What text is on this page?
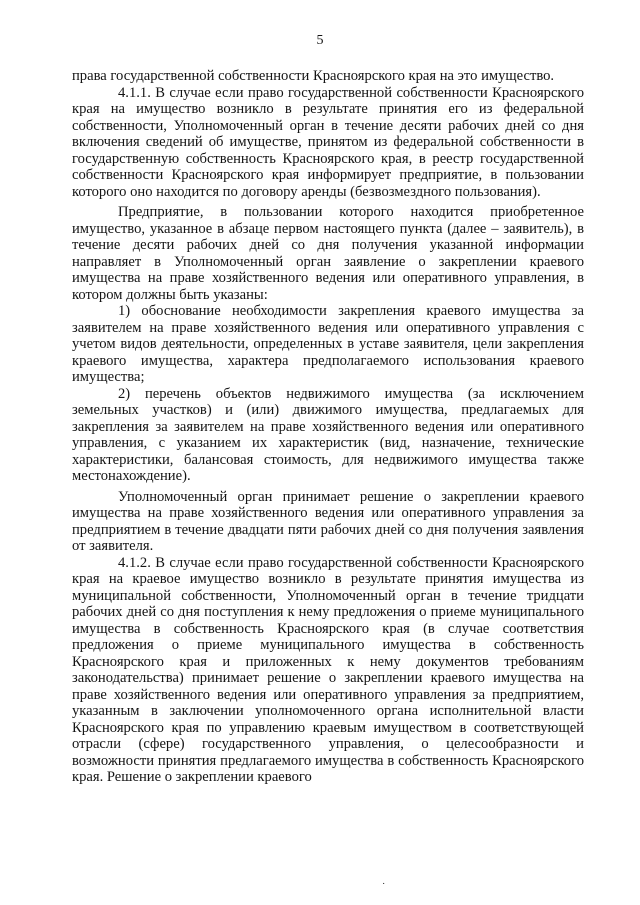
5

права государственной собственности Красноярского края на это имущество.

4.1.1. В случае если право государственной собственности Красноярского края на имущество возникло в результате принятия его из федеральной собственности, Уполномоченный орган в течение десяти рабочих дней со дня включения сведений об имуществе, принятом из федеральной собственности в государственную собственность Красноярского края, в реестр государственной собственности Красноярского края информирует предприятие, в пользовании которого оно находится по договору аренды (безвозмездного пользования).

Предприятие, в пользовании которого находится приобретенное имущество, указанное в абзаце первом настоящего пункта (далее – заявитель), в течение десяти рабочих дней со дня получения указанной информации направляет в Уполномоченный орган заявление о закреплении краевого имущества на праве хозяйственного ведения или оперативного управления, в котором должны быть указаны:

1) обоснование необходимости закрепления краевого имущества за заявителем на праве хозяйственного ведения или оперативного управления с учетом видов деятельности, определенных в уставе заявителя, цели закрепления краевого имущества, характера предполагаемого использования краевого имущества;

2) перечень объектов недвижимого имущества (за исключением земельных участков) и (или) движимого имущества, предлагаемых для закрепления за заявителем на праве хозяйственного ведения или оперативного управления, с указанием их характеристик (вид, назначение, технические характеристики, балансовая стоимость, для недвижимого имущества также местонахождение).

Уполномоченный орган принимает решение о закреплении краевого имущества на праве хозяйственного ведения или оперативного управления за предприятием в течение двадцати пяти рабочих дней со дня получения заявления от заявителя.

4.1.2. В случае если право государственной собственности Красноярского края на краевое имущество возникло в результате принятия имущества из муниципальной собственности, Уполномоченный орган в течение тридцати рабочих дней со дня поступления к нему предложения о приеме муниципального имущества в собственность Красноярского края (в случае соответствия предложения о приеме муниципального имущества в собственность Красноярского края и приложенных к нему документов требованиям законодательства) принимает решение о закреплении краевого имущества на праве хозяйственного ведения или оперативного управления за предприятием, указанным в заключении уполномоченного органа исполнительной власти Красноярского края по управлению краевым имуществом в соответствующей отрасли (сфере) государственного управления, о целесообразности и возможности принятия предлагаемого имущества в собственность Красноярского края. Решение о закреплении краевого

˙
